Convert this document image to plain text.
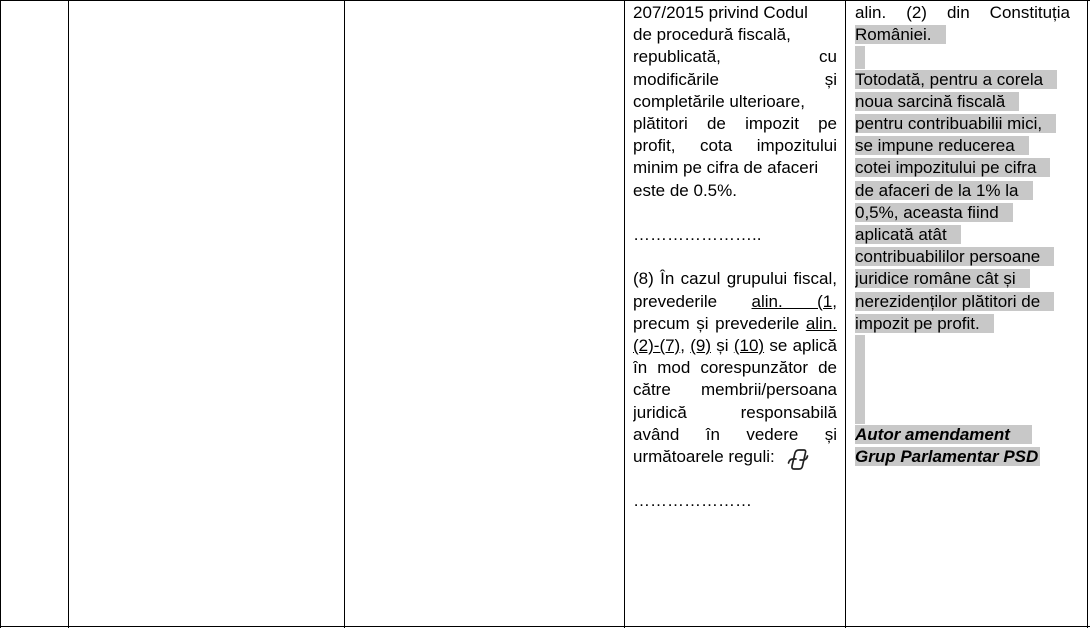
207/2015 privind Codul

de procedură fiscală,

republicată, cu

modificările și

completările ulterioare,

plătitori de impozit pe

profit, cota impozitului

minim pe cifra de afaceri

este de 0.5%.

…………………..

(8) În cazul grupului fiscal, prevederile alin. (1, precum și prevederile alin. (2)-(7), (9) și (10) se aplică în mod corespunzător de către membrii/persoana juridică responsabilă având în vedere și următoarele reguli:

…………………

alin. (2) din Constituția

României.

Totodată, pentru a corela

noua sarcină fiscală

pentru contribuabilii mici,

se impune reducerea

cotei impozitului pe cifra

de afaceri de la 1% la

0,5%, aceasta fiind

aplicată atât

contribuabililor persoane

juridice române cât și

nerezidenților plătitori de

impozit pe profit.

Autor amendament

Grup Parlamentar PSD
